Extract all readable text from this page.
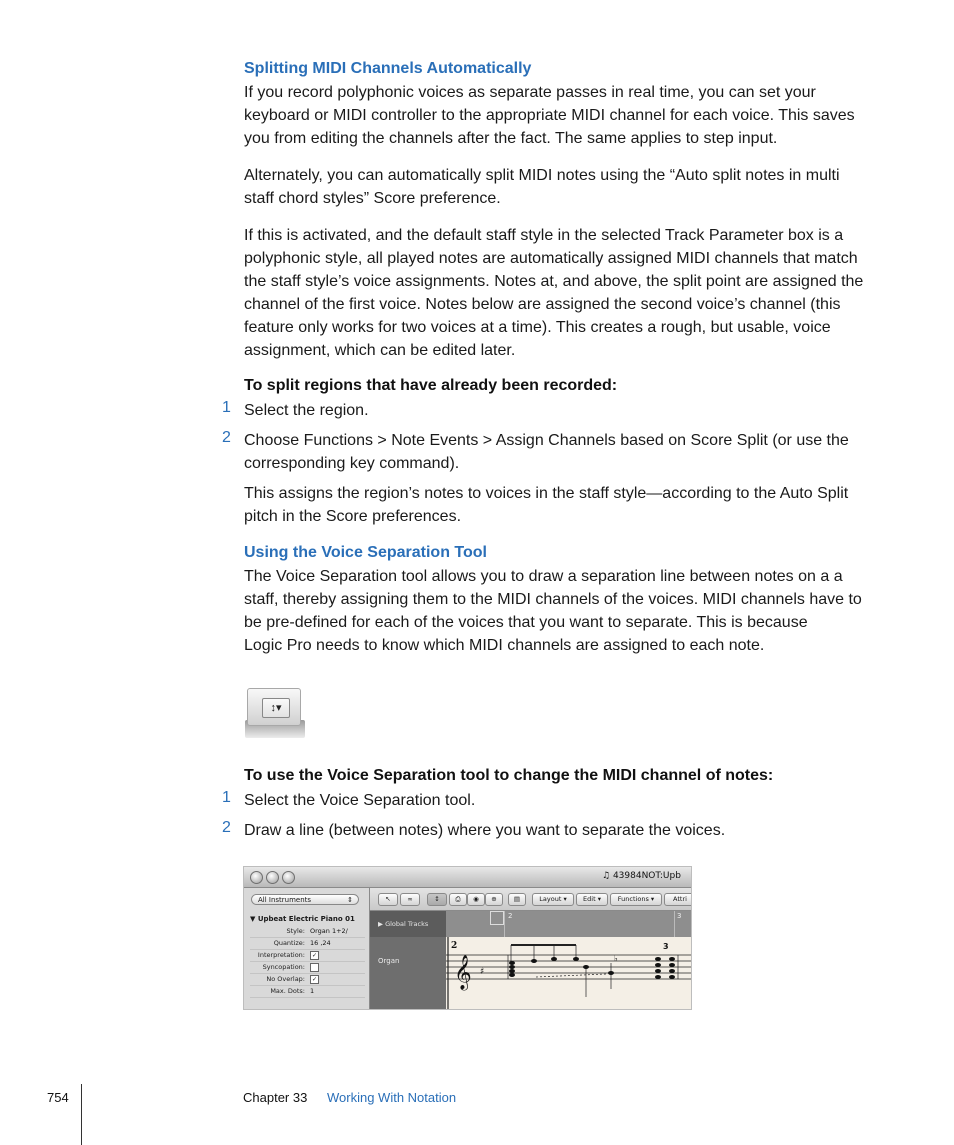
Splitting MIDI Channels Automatically
If you record polyphonic voices as separate passes in real time, you can set your
keyboard or MIDI controller to the appropriate MIDI channel for each voice. This saves
you from editing the channels after the fact. The same applies to step input.
Alternately, you can automatically split MIDI notes using the “Auto split notes in multi
staff chord styles” Score preference.
If this is activated, and the default staff style in the selected Track Parameter box is a
polyphonic style, all played notes are automatically assigned MIDI channels that match
the staff style’s voice assignments. Notes at, and above, the split point are assigned the
channel of the first voice. Notes below are assigned the second voice’s channel (this
feature only works for two voices at a time). This creates a rough, but usable, voice
assignment, which can be edited later.
To split regions that have already been recorded:
1 Select the region.
2 Choose Functions > Note Events > Assign Channels based on Score Split (or use the
corresponding key command).
This assigns the region’s notes to voices in the staff style—according to the Auto Split
pitch in the Score preferences.
Using the Voice Separation Tool
The Voice Separation tool allows you to draw a separation line between notes on a a
staff, thereby assigning them to the MIDI channels of the voices. MIDI channels have to
be pre-defined for each of the voices that you want to separate. This is because
Logic Pro needs to know which MIDI channels are assigned to each note.
↕▾
To use the Voice Separation tool to change the MIDI channel of notes:
1 Select the Voice Separation tool.
2 Draw a line (between notes) where you want to separate the voices.
♫ 43984NOT:Upb
All Instruments	⇕
▼ Upbeat Electric Piano 01
Style: Organ 1+2/
Quantize: 16 ,24
Interpretation:	✓
Syncopation:
No Overlap:	✓
Max. Dots: 1
↖	∞	↕	⎙	◉	⊕	▤	Layout ▾	Edit ▾	Functions ▾	Attri
▶ Global Tracks
Organ
2	3
2
𝄞 ♯
♭
3
754	Chapter 33 Working With Notation
